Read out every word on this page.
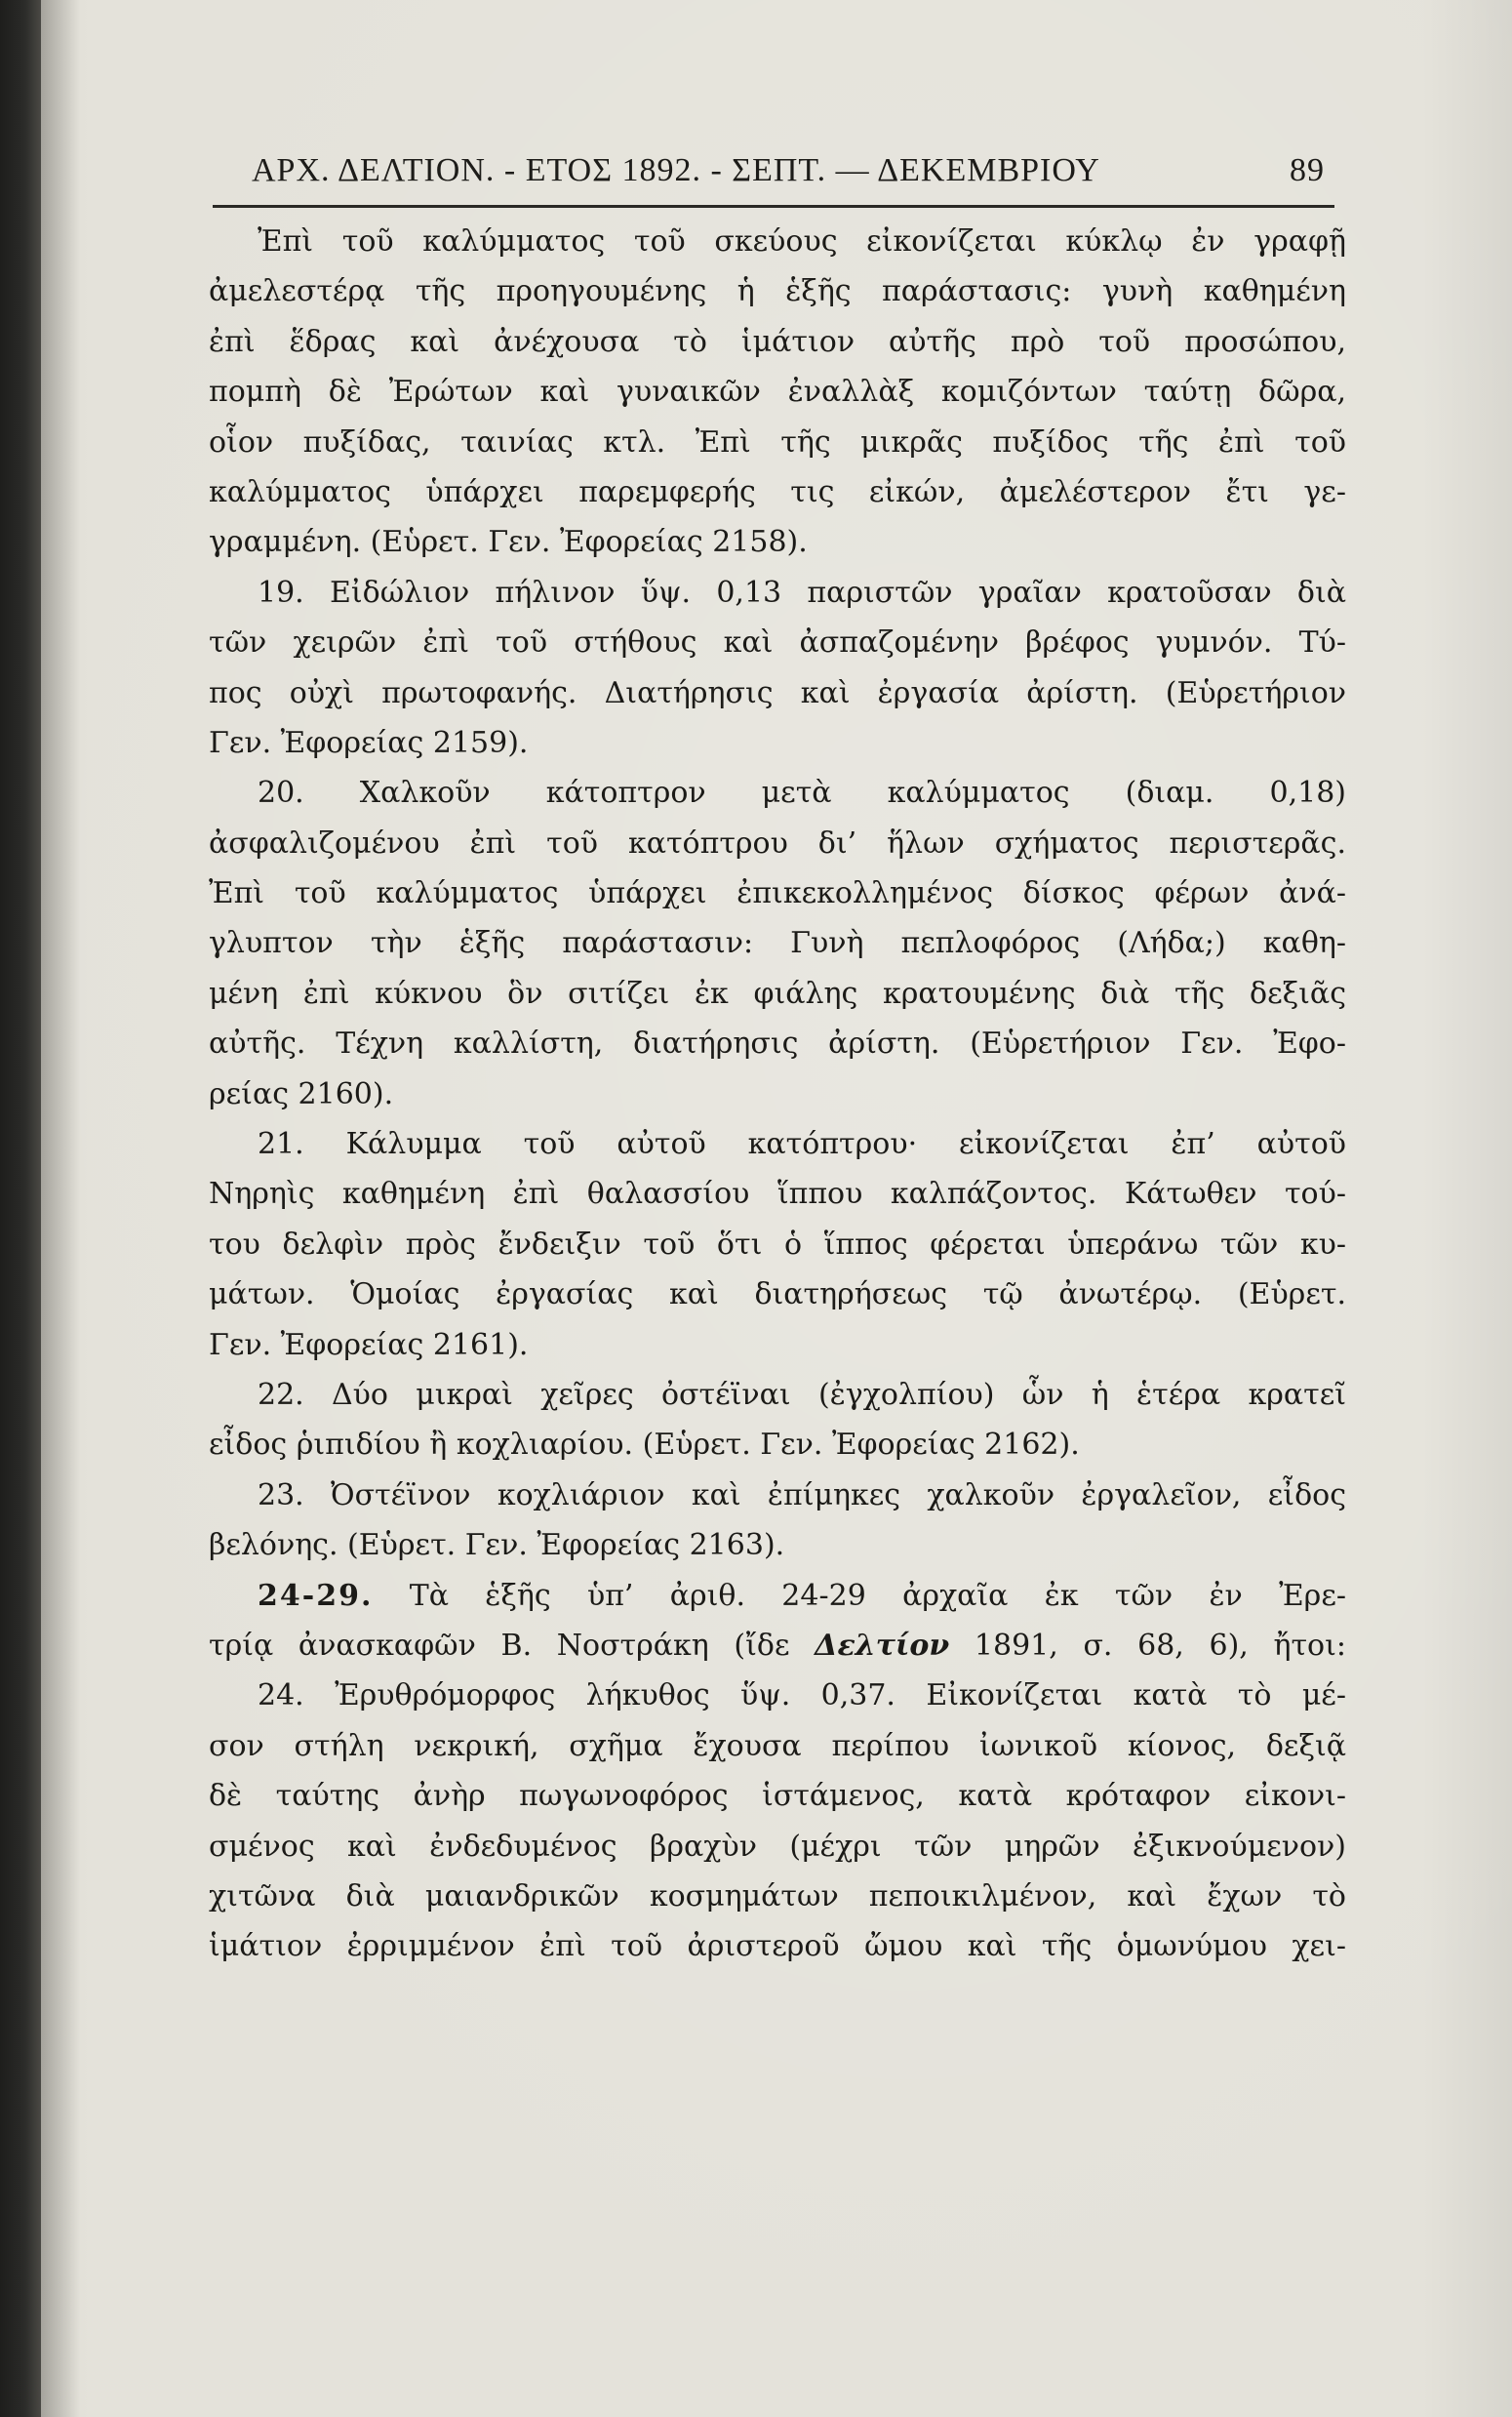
ΑΡΧ. ΔΕΛΤΙΟΝ. - ΕΤΟΣ 1892. - ΣΕΠΤ. — ΔΕΚΕΜΒΡΙΟΥ	89
Ἐπὶ τοῦ καλύμματος τοῦ σκεύους εἰκονίζεται κύκλῳ ἐν γραφῇ
ἀμελεστέρᾳ τῆς προηγουμένης ἡ ἑξῆς παράστασις: γυνὴ καθημένη
ἐπὶ ἕδρας καὶ ἀνέχουσα τὸ ἱμάτιον αὐτῆς πρὸ τοῦ προσώπου,
πομπὴ δὲ Ἐρώτων καὶ γυναικῶν ἐναλλὰξ κομιζόντων ταύτῃ δῶρα,
οἷον πυξίδας, ταινίας κτλ. Ἐπὶ τῆς μικρᾶς πυξίδος τῆς ἐπὶ τοῦ
καλύμματος ὑπάρχει παρεμφερής τις εἰκών, ἀμελέστερον ἔτι γε-
γραμμένη. (Εὑρετ. Γεν. Ἐφορείας 2158).
19. Εἰδώλιον πήλινον ὕψ. 0,13 παριστῶν γραῖαν κρατοῦσαν διὰ
τῶν χειρῶν ἐπὶ τοῦ στήθους καὶ ἀσπαζομένην βρέφος γυμνόν. Τύ-
πος οὐχὶ πρωτοφανής. Διατήρησις καὶ ἐργασία ἀρίστη. (Εὑρετήριον
Γεν. Ἐφορείας 2159).
20. Χαλκοῦν κάτοπτρον μετὰ καλύμματος (διαμ. 0,18)
ἀσφαλιζομένου ἐπὶ τοῦ κατόπτρου δι’ ἥλων σχήματος περιστερᾶς.
Ἐπὶ τοῦ καλύμματος ὑπάρχει ἐπικεκολλημένος δίσκος φέρων ἀνά-
γλυπτον τὴν ἑξῆς παράστασιν: Γυνὴ πεπλοφόρος (Λήδα;) καθη-
μένη ἐπὶ κύκνου ὃν σιτίζει ἐκ φιάλης κρατουμένης διὰ τῆς δεξιᾶς
αὐτῆς. Τέχνη καλλίστη, διατήρησις ἀρίστη. (Εὑρετήριον Γεν. Ἐφο-
ρείας 2160).
21. Κάλυμμα τοῦ αὐτοῦ κατόπτρου· εἰκονίζεται ἐπ’ αὐτοῦ
Νηρηὶς καθημένη ἐπὶ θαλασσίου ἵππου καλπάζοντος. Κάτωθεν τού-
του δελφὶν πρὸς ἔνδειξιν τοῦ ὅτι ὁ ἵππος φέρεται ὑπεράνω τῶν κυ-
μάτων. Ὁμοίας ἐργασίας καὶ διατηρήσεως τῷ ἀνωτέρῳ. (Εὑρετ.
Γεν. Ἐφορείας 2161).
22. Δύο μικραὶ χεῖρες ὀστέϊναι (ἐγχολπίου) ὧν ἡ ἑτέρα κρατεῖ
εἶδος ῥιπιδίου ἢ κοχλιαρίου. (Εὑρετ. Γεν. Ἐφορείας 2162).
23. Ὀστέϊνον κοχλιάριον καὶ ἐπίμηκες χαλκοῦν ἐργαλεῖον, εἶδος
βελόνης. (Εὑρετ. Γεν. Ἐφορείας 2163).
24-29. Τὰ ἑξῆς ὑπ’ ἀριθ. 24-29 ἀρχαῖα ἐκ τῶν ἐν Ἐρε-
τρίᾳ ἀνασκαφῶν Β. Νοστράκη (ἴδε Δελτίον 1891, σ. 68, 6), ἤτοι:
24. Ἐρυθρόμορφος λήκυθος ὕψ. 0,37. Εἰκονίζεται κατὰ τὸ μέ-
σον στήλη νεκρική, σχῆμα ἔχουσα περίπου ἰωνικοῦ κίονος, δεξιᾷ
δὲ ταύτης ἀνὴρ πωγωνοφόρος ἱστάμενος, κατὰ κρόταφον εἰκονι-
σμένος καὶ ἐνδεδυμένος βραχὺν (μέχρι τῶν μηρῶν ἐξικνούμενον)
χιτῶνα διὰ μαιανδρικῶν κοσμημάτων πεποικιλμένον, καὶ ἔχων τὸ
ἱμάτιον ἐρριμμένον ἐπὶ τοῦ ἀριστεροῦ ὤμου καὶ τῆς ὁμωνύμου χει-
